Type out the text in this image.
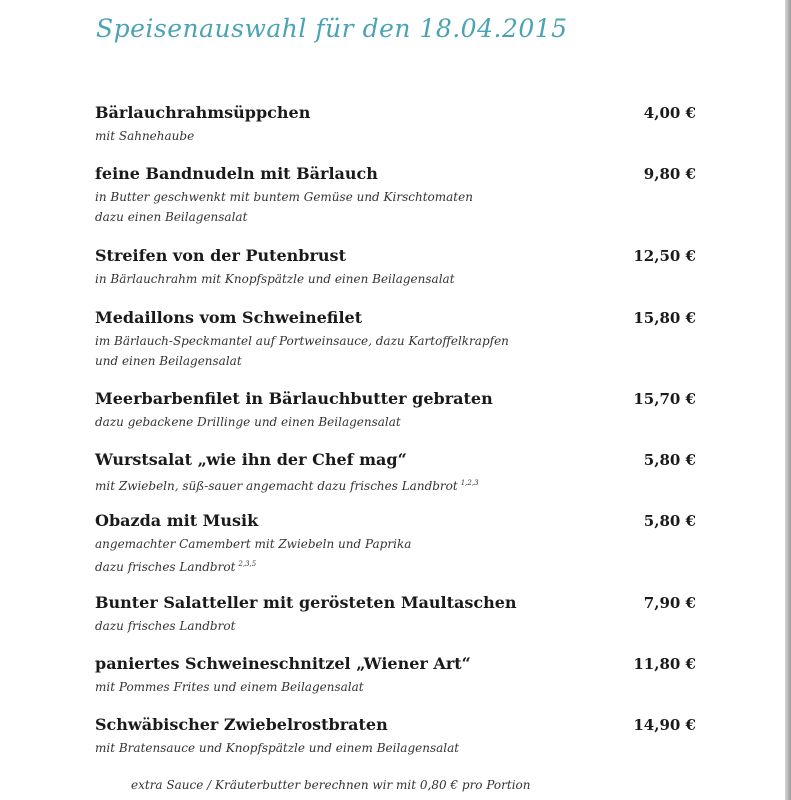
Speisenauswahl für den 18.04.2015
Bärlauchrahmsüppchen	4,00 €
mit Sahnehaube
feine Bandnudeln mit Bärlauch	9,80 €
in Butter geschwenkt mit buntem Gemüse und Kirschtomaten
dazu einen Beilagensalat
Streifen von der Putenbrust	12,50 €
in Bärlauchrahm mit Knopfspätzle und einen Beilagensalat
Medaillons vom Schweinefilet	15,80 €
im Bärlauch-Speckmantel auf Portweinsauce, dazu Kartoffelkrapfen
und einen Beilagensalat
Meerbarbenfilet in Bärlauchbutter gebraten	15,70 €
dazu gebackene Drillinge und einen Beilagensalat
Wurstsalat „wie ihn der Chef mag“	5,80 €
mit Zwiebeln, süß-sauer angemacht dazu frisches Landbrot $^{1,2,3}$
Obazda mit Musik	5,80 €
angemachter Camembert mit Zwiebeln und Paprika
dazu frisches Landbrot $^{2,3,5}$
Bunter Salatteller mit gerösteten Maultaschen	7,90 €
dazu frisches Landbrot
paniertes Schweineschnitzel „Wiener Art“	11,80 €
mit Pommes Frites und einem Beilagensalat
Schwäbischer Zwiebelrostbraten	14,90 €
mit Bratensauce und Knopfspätzle und einem Beilagensalat
extra Sauce / Kräuterbutter berechnen wir mit 0,80 € pro Portion
